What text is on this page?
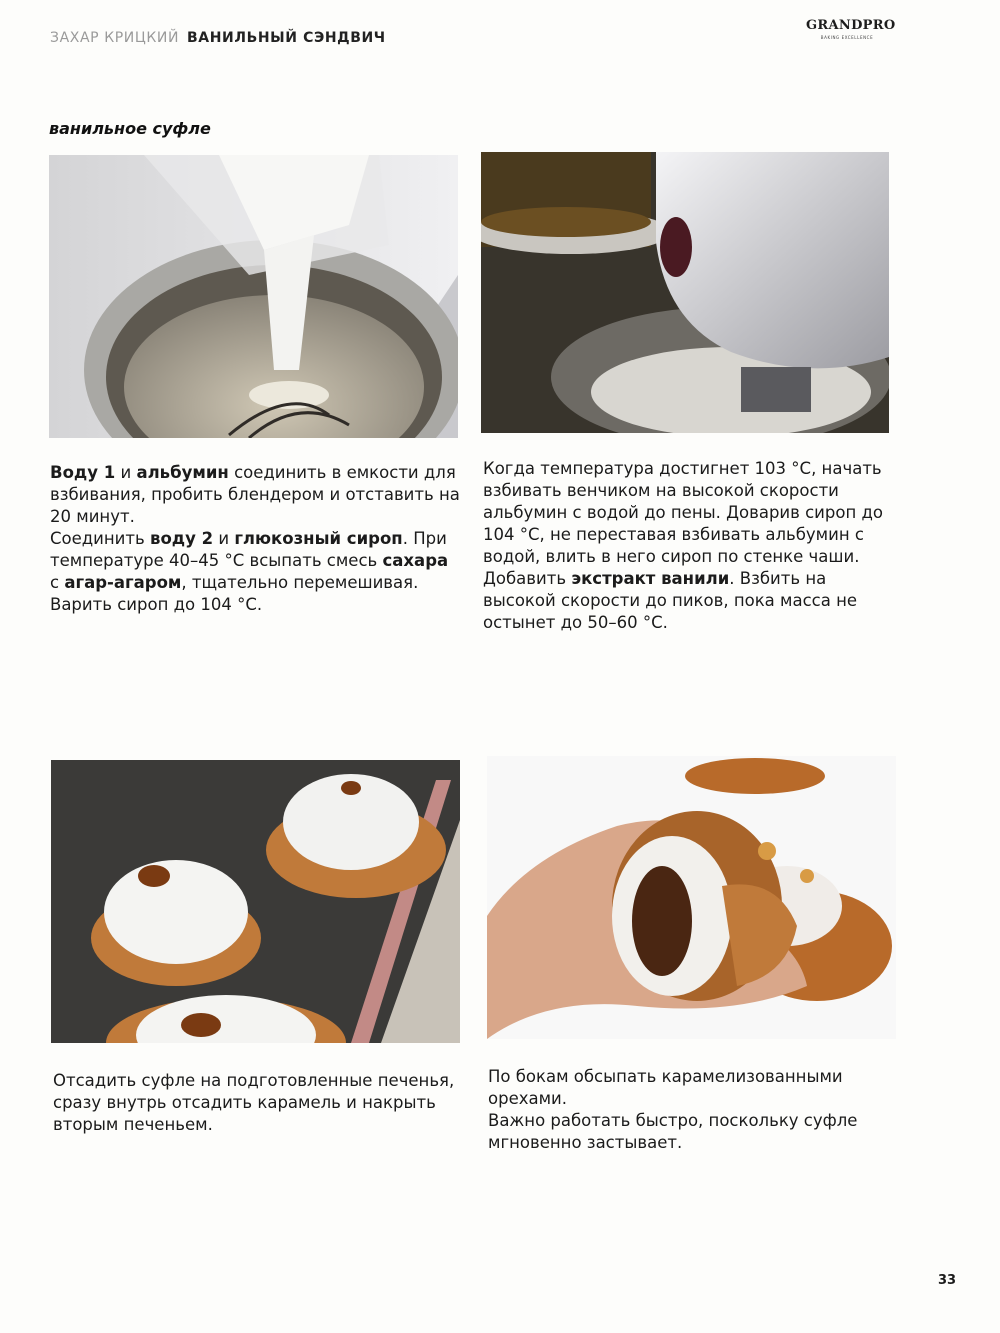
ЗАХАР КРИЦКИЙ ВАНИЛЬНЫЙ СЭНДВИЧ
GRANDPRO
BAKING EXCELLENCE
ванильное суфле

Воду 1 и альбумин соединить в емкости для взбивания, пробить блендером и отставить на 20 минут.

Соединить воду 2 и глюкозный сироп. При температуре 40–45 °C всыпать смесь сахара с агар-агаром, тщательно перемешивая. Варить сироп до 104 °C.

Когда температура достигнет 103 °C, начать взбивать венчиком на высокой скорости альбумин с водой до пены. Доварив сироп до 104 °C, не переставая взбивать альбумин с водой, влить в него сироп по стенке чаши. Добавить экстракт ванили. Взбить на высокой скорости до пиков, пока масса не остынет до 50–60 °C.

Отсадить суфле на подготовленные печенья, сразу внутрь отсадить карамель и накрыть вторым печеньем.

По бокам обсыпать карамелизованными орехами.

Важно работать быстро, поскольку суфле мгновенно застывает.

33
